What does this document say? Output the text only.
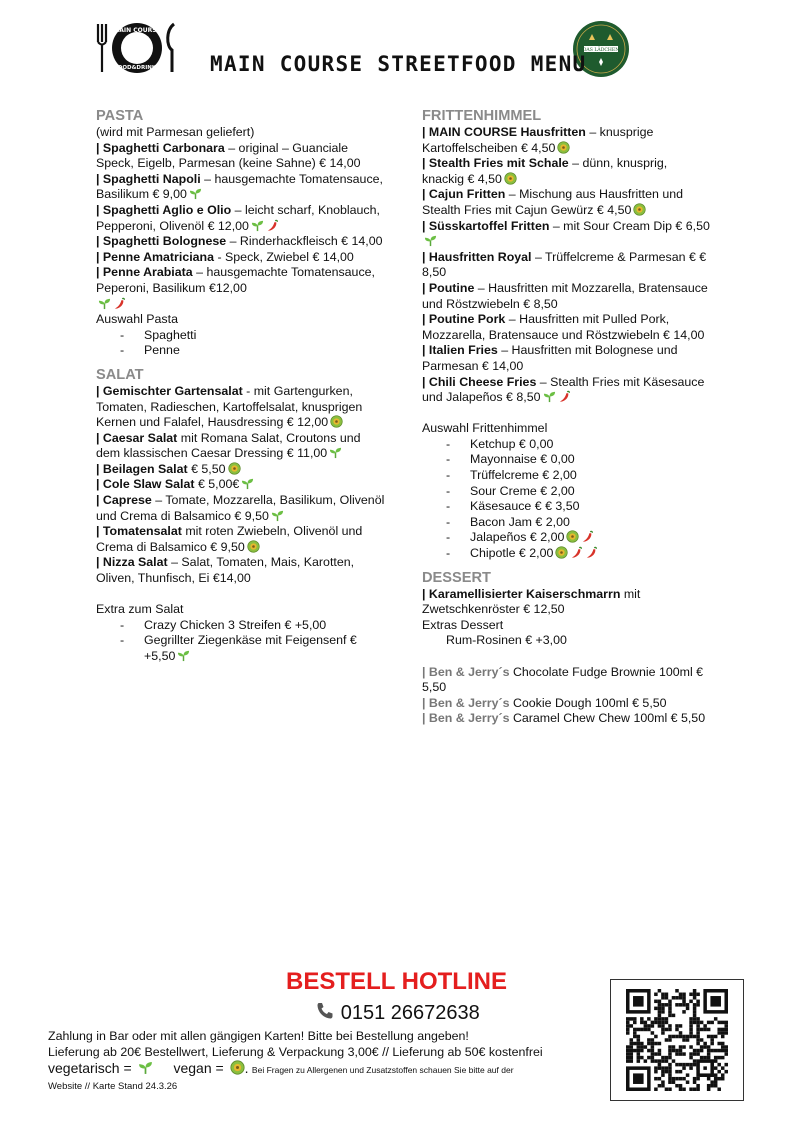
MAIN COURSE
FOOD&DRINKS
DAS LÄDCHEN
MAIN COURSE STREETFOOD MENU
PASTA
(wird mit Parmesan geliefert)
| Spaghetti Carbonara – original – Guanciale Speck, Eigelb, Parmesan (keine Sahne) € 14,00
| Spaghetti Napoli – hausgemachte Tomatensauce, Basilikum € 9,00
| Spaghetti Aglio e Olio – leicht scharf, Knoblauch, Pepperoni, Olivenöl € 12,00
| Spaghetti Bolognese – Rinderhackfleisch € 14,00
| Penne Amatriciana - Speck, Zwiebel € 14,00
| Penne Arabiata – hausgemachte Tomatensauce, Peperoni, Basilikum €12,00

Auswahl Pasta
- Spaghetti
- Penne
SALAT
| Gemischter Gartensalat - mit Gartengurken, Tomaten, Radieschen, Kartoffelsalat, knusprigen Kernen und Falafel, Hausdressing € 12,00
| Caesar Salat mit Romana Salat, Croutons und dem klassischen Caesar Dressing € 11,00
| Beilagen Salat € 5,50
| Cole Slaw Salat € 5,00€
| Caprese – Tomate, Mozzarella, Basilikum, Olivenöl und Crema di Balsamico € 9,50
| Tomatensalat mit roten Zwiebeln, Olivenöl und Crema di Balsamico € 9,50
| Nizza Salat – Salat, Tomaten, Mais, Karotten, Oliven, Thunfisch, Ei €14,00
Extra zum Salat
- Crazy Chicken 3 Streifen € +5,00
- Gegrillter Ziegenkäse mit Feigensenf € +5,50
FRITTENHIMMEL
| MAIN COURSE Hausfritten – knusprige Kartoffelscheiben € 4,50
| Stealth Fries mit Schale – dünn, knusprig, knackig € 4,50
| Cajun Fritten – Mischung aus Hausfritten und Stealth Fries mit Cajun Gewürz € 4,50
| Süsskartoffel Fritten – mit Sour Cream Dip € 6,50
| Hausfritten Royal – Trüffelcreme & Parmesan € € 8,50
| Poutine – Hausfritten mit Mozzarella, Bratensauce und Röstzwiebeln € 8,50
| Poutine Pork – Hausfritten mit Pulled Pork, Mozzarella, Bratensauce und Röstzwiebeln € 14,00
| Italien Fries – Hausfritten mit Bolognese und Parmesan € 14,00
| Chili Cheese Fries – Stealth Fries mit Käsesauce und Jalapeños € 8,50
Auswahl Frittenhimmel
- Ketchup € 0,00
- Mayonnaise € 0,00
- Trüffelcreme € 2,00
- Sour Creme € 2,00
- Käsesauce € € 3,50
- Bacon Jam € 2,00
- Jalapeños € 2,00
- Chipotle € 2,00
DESSERT
| Karamellisierter Kaiserschmarrn mit Zwetschkenröster € 12,50
Extras Dessert
Rum-Rosinen € +3,00
| Ben & Jerry´s Chocolate Fudge Brownie 100ml € 5,50
| Ben & Jerry´s Cookie Dough 100ml € 5,50
| Ben & Jerry´s Caramel Chew Chew 100ml € 5,50
BESTELL HOTLINE
0151 26672638
Zahlung in Bar oder mit allen gängigen Karten! Bitte bei Bestellung angeben!
Lieferung ab 20€ Bestellwert, Lieferung & Verpackung 3,00€ // Lieferung ab 50€ kostenfrei
vegetarisch =	vegan = . Bei Fragen zu Allergenen und Zusatzstoffen schauen Sie bitte auf der
Website // Karte Stand 24.3.26
